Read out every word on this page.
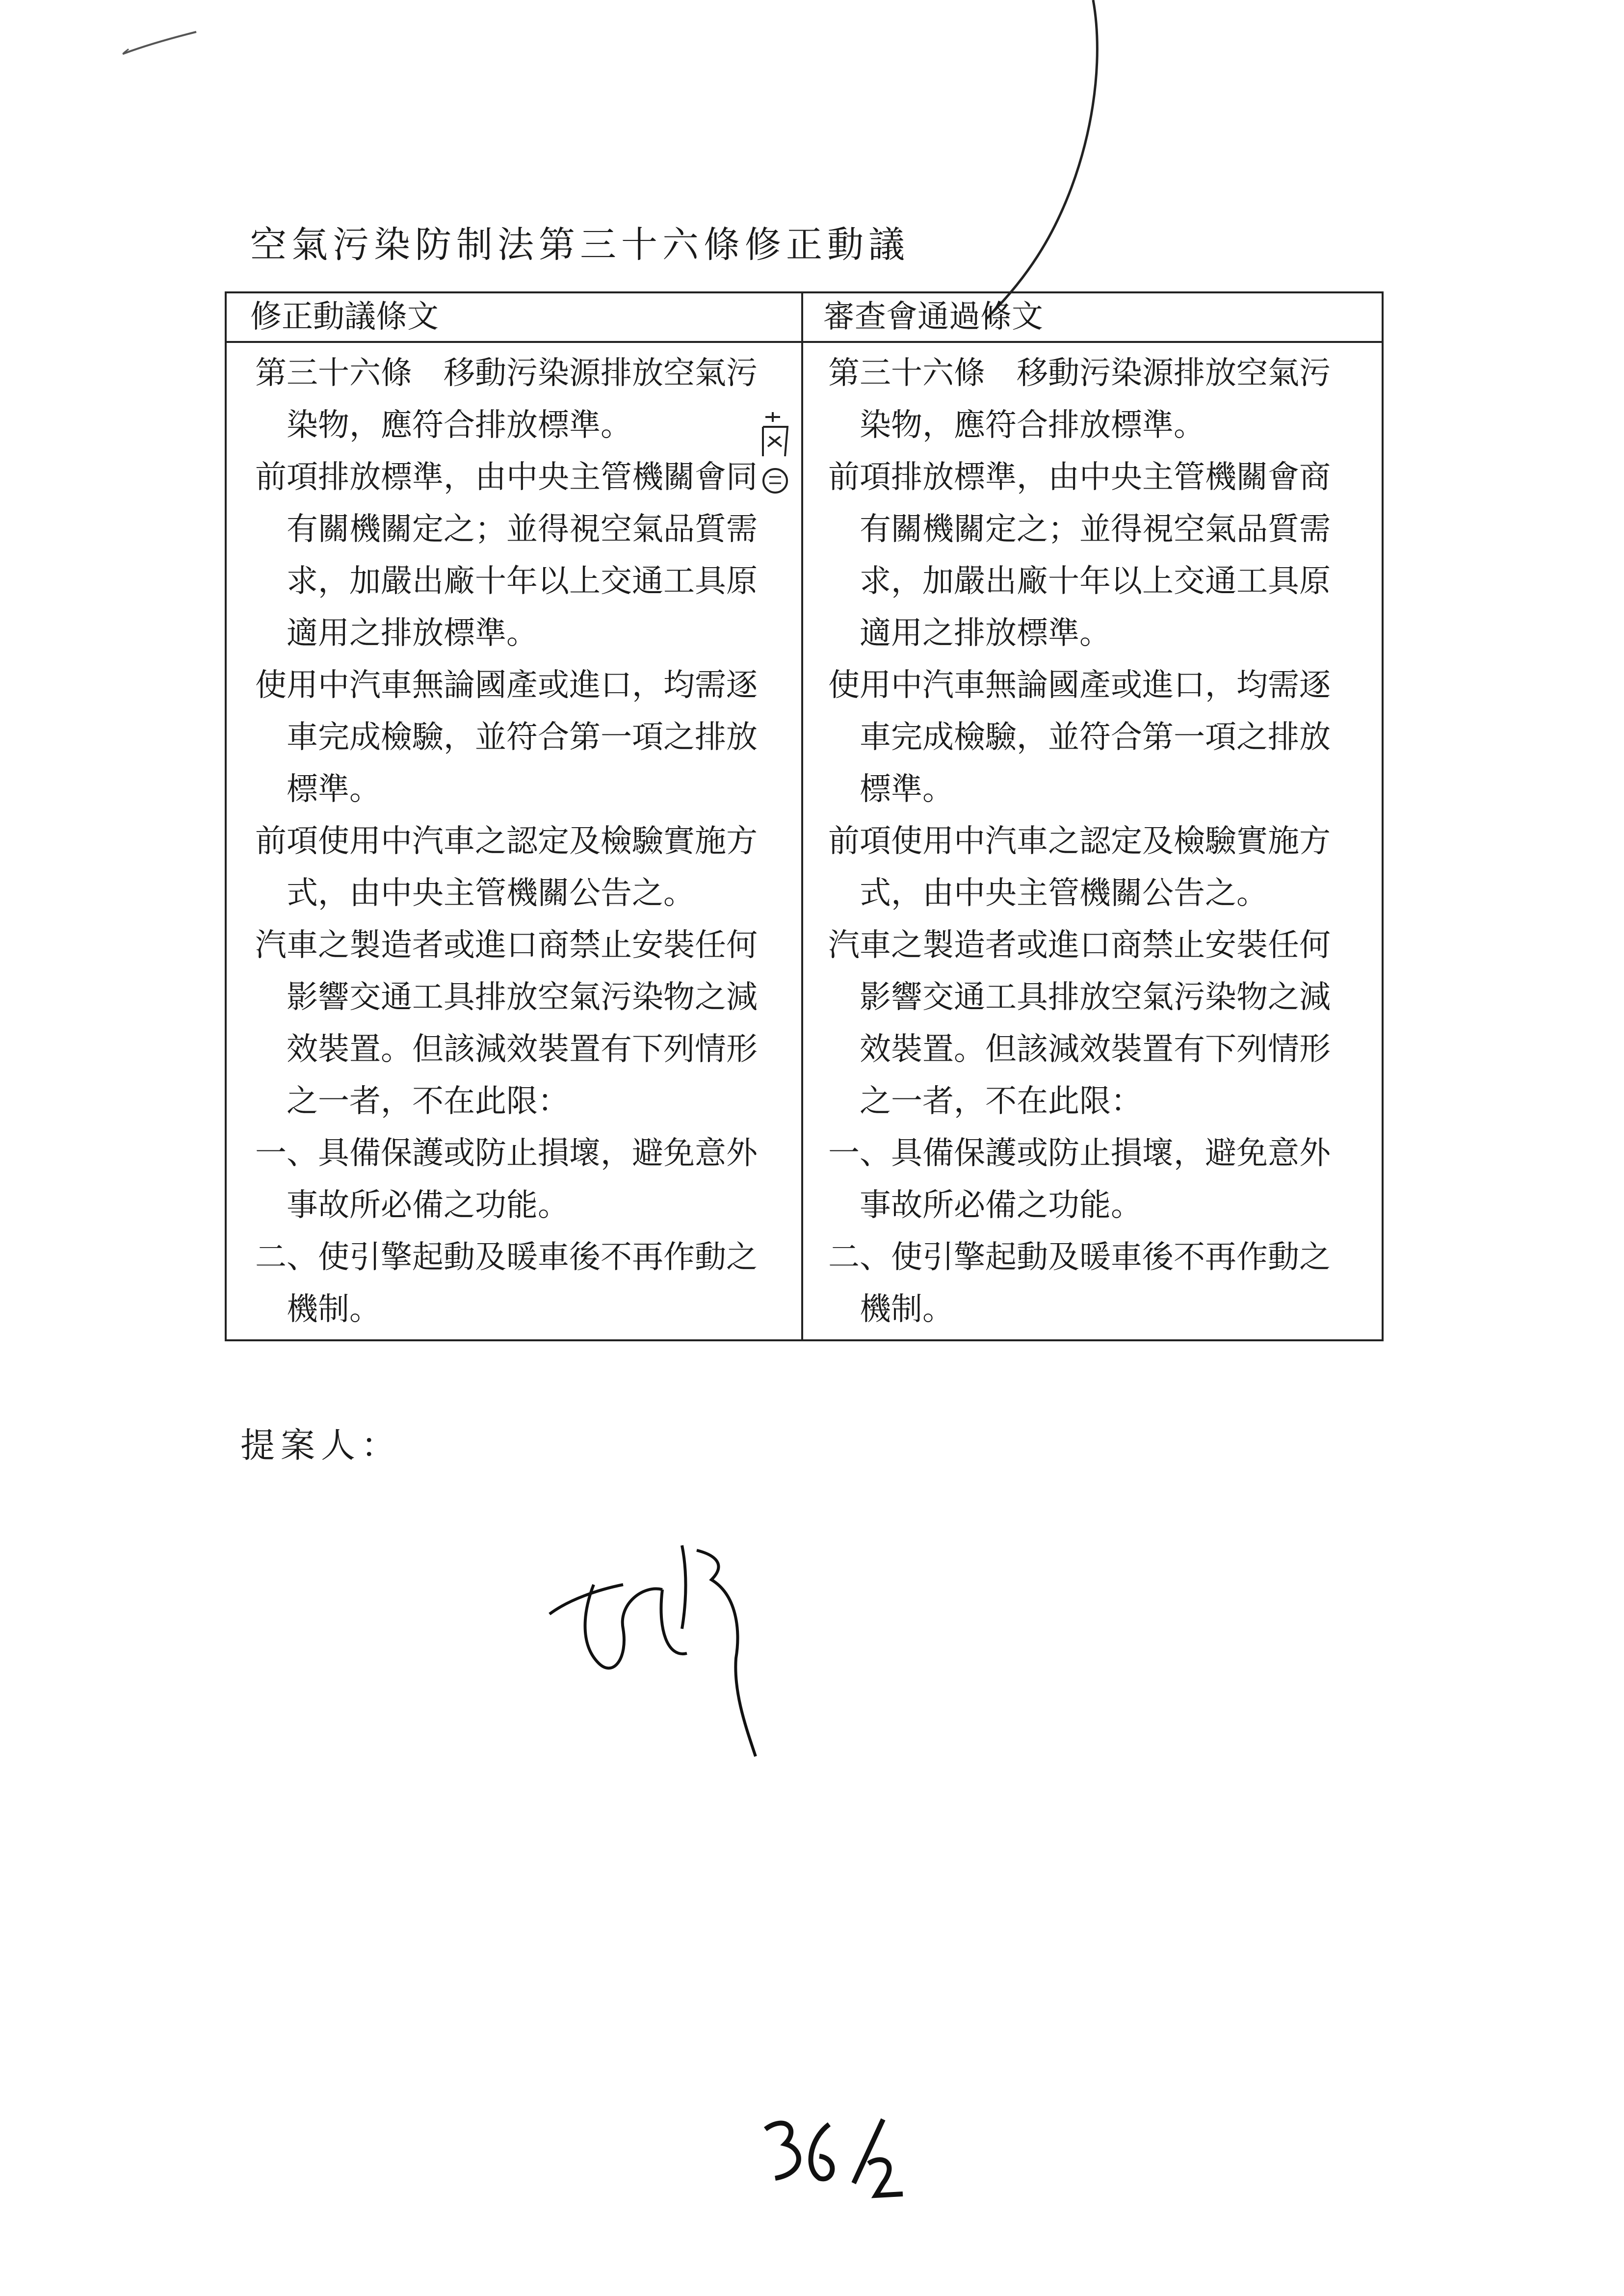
空氣污染防制法第三十六條修正動議
修正動議條文	審查會通過條文
第三十六條　移動污染源排放空氣污染物，應符合排放標準。
前項排放標準，由中央主管機關會同有關機關定之；並得視空氣品質需求，加嚴出廠十年以上交通工具原適用之排放標準。
使用中汽車無論國產或進口，均需逐車完成檢驗，並符合第一項之排放標準。
前項使用中汽車之認定及檢驗實施方式，由中央主管機關公告之。
汽車之製造者或進口商禁止安裝任何影響交通工具排放空氣污染物之減效裝置。但該減效裝置有下列情形之一者，不在此限：
一、具備保護或防止損壞，避免意外事故所必備之功能。
二、使引擎起動及暖車後不再作動之機制。
第三十六條　移動污染源排放空氣污染物，應符合排放標準。
前項排放標準，由中央主管機關會商有關機關定之；並得視空氣品質需求，加嚴出廠十年以上交通工具原適用之排放標準。
使用中汽車無論國產或進口，均需逐車完成檢驗，並符合第一項之排放標準。
前項使用中汽車之認定及檢驗實施方式，由中央主管機關公告之。
汽車之製造者或進口商禁止安裝任何影響交通工具排放空氣污染物之減效裝置。但該減效裝置有下列情形之一者，不在此限：
一、具備保護或防止損壞，避免意外事故所必備之功能。
二、使引擎起動及暖車後不再作動之機制。
提案人：
